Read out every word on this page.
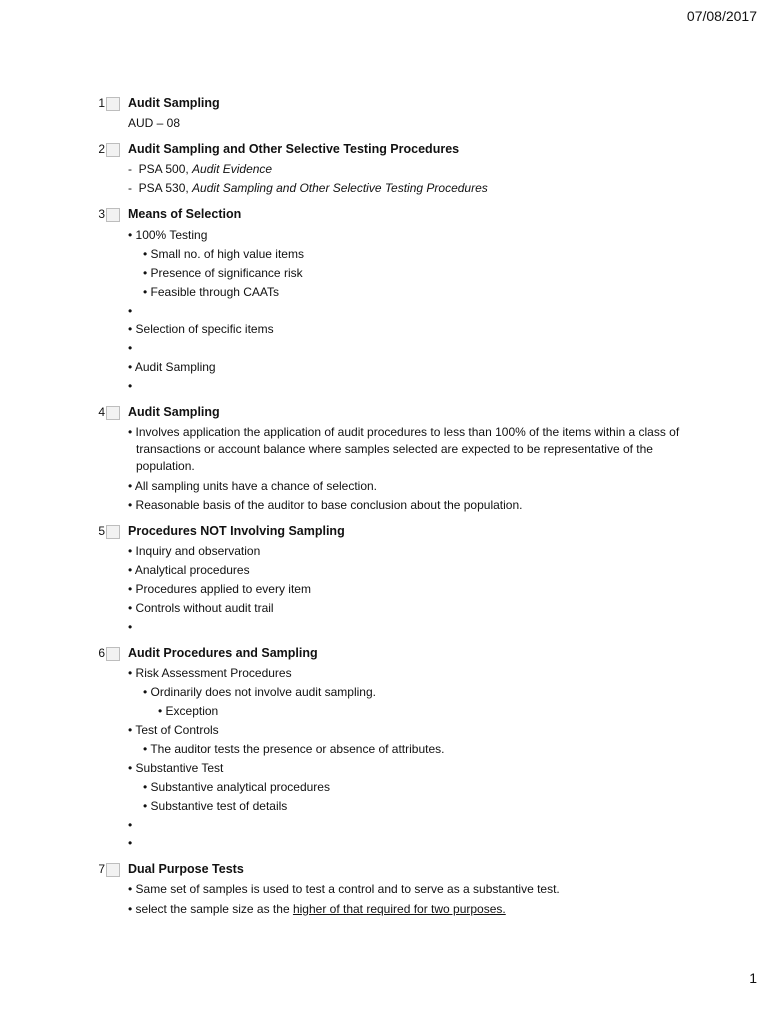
07/08/2017
1 Audit Sampling
AUD – 08
2 Audit Sampling and Other Selective Testing Procedures
-  PSA 500, Audit Evidence
-  PSA 530, Audit Sampling and Other Selective Testing Procedures
3 Means of Selection
• 100% Testing
• Small no. of high value items
• Presence of significance risk
• Feasible through CAATs
•
• Selection of specific items
•
• Audit Sampling
•
4 Audit Sampling
• Involves application the application of audit procedures to less than 100% of the items within a class of transactions or account balance where samples selected are expected to be representative of the population.
• All sampling units have a chance of selection.
• Reasonable basis of the auditor to base conclusion about the population.
5 Procedures NOT Involving Sampling
• Inquiry and observation
• Analytical procedures
• Procedures applied to every item
• Controls without audit trail
•
6 Audit Procedures and Sampling
• Risk Assessment Procedures
• Ordinarily does not involve audit sampling.
• Exception
• Test of Controls
• The auditor tests the presence or absence of attributes.
• Substantive Test
• Substantive analytical procedures
• Substantive test of details
•
•
7 Dual Purpose Tests
• Same set of samples is used to test a control and to serve as a substantive test.
• select the sample size as the higher of that required for two purposes.
1
